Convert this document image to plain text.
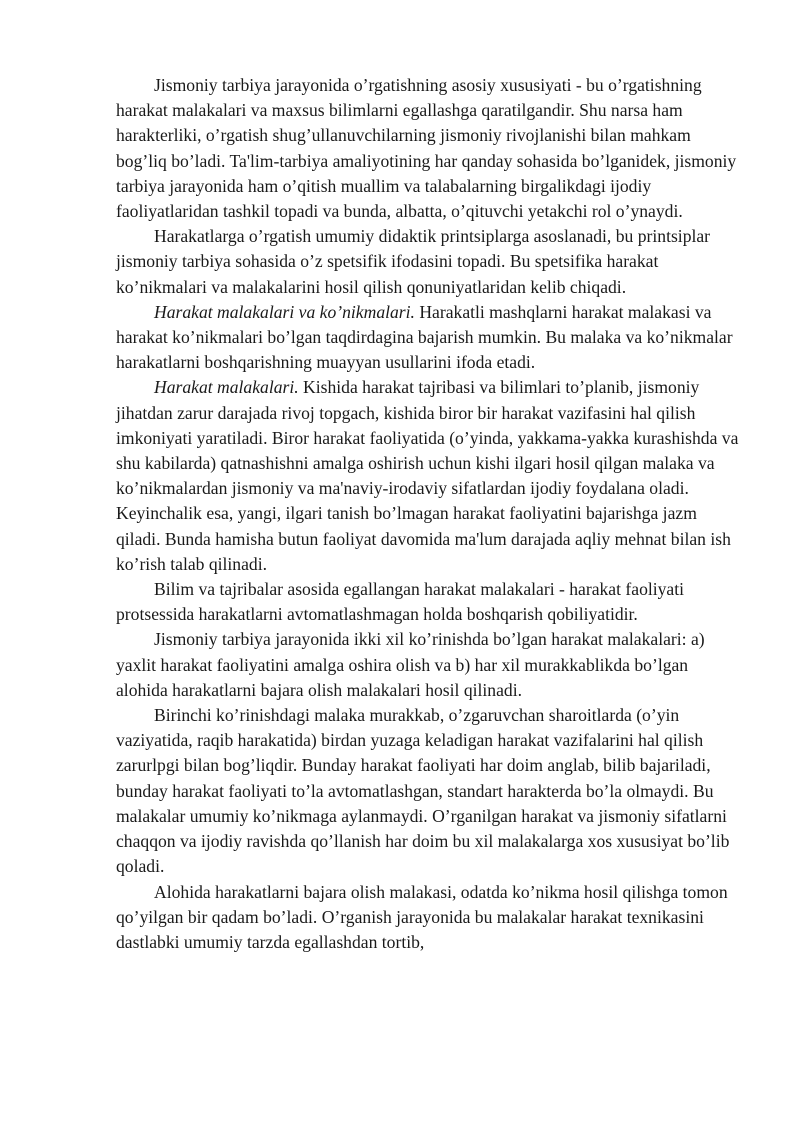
Jismoniy tarbiya jarayonida o’rgatishning asosiy xususiyati - bu o’rgatishning harakat malakalari va maxsus bilimlarni egallashga qaratilgandir. Shu narsa ham harakterliki, o’rgatish shug’ullanuvchilarning jismoniy rivojlanishi bilan mahkam bog’liq bo’ladi. Ta'lim-tarbiya amaliyotining har qanday sohasida bo’lganidek, jismoniy tarbiya jarayonida ham o’qitish muallim va talabalarning birgalikdagi ijodiy faoliyatlaridan tashkil topadi va bunda, albatta, o’qituvchi yetakchi rol o’ynaydi.

Harakatlarga o’rgatish umumiy didaktik printsiplarga asoslanadi, bu printsiplar jismoniy tarbiya sohasida o’z spetsifik ifodasini topadi. Bu spetsifika harakat ko’nikmalari va malakalarini hosil qilish qonuniyatlaridan kelib chiqadi.

Harakat malakalari va ko’nikmalari. Harakatli mashqlarni harakat malakasi va harakat ko’nikmalari bo’lgan taqdirdagina bajarish mumkin. Bu malaka va ko’nikmalar harakatlarni boshqarishning muayyan usullarini ifoda etadi.

Harakat malakalari. Kishida harakat tajribasi va bilimlari to’planib, jismoniy jihatdan zarur darajada rivoj topgach, kishida biror bir harakat vazifasini hal qilish imkoniyati yaratiladi. Biror harakat faoliyatida (o’yinda, yakkama-yakka kurashishda va shu kabilarda) qatnashishni amalga oshirish uchun kishi ilgari hosil qilgan malaka va ko’nikmalardan jismoniy va ma'naviy-irodaviy sifatlardan ijodiy foydalana oladi. Keyinchalik esa, yangi, ilgari tanish bo’lmagan harakat faoliyatini bajarishga jazm qiladi. Bunda hamisha butun faoliyat davomida ma'lum darajada aqliy mehnat bilan ish ko’rish talab qilinadi.

Bilim va tajribalar asosida egallangan harakat malakalari - harakat faoliyati protsessida harakatlarni avtomatlashmagan holda boshqarish qobiliyatidir.

Jismoniy tarbiya jarayonida ikki xil ko’rinishda bo’lgan harakat malakalari: a) yaxlit harakat faoliyatini amalga oshira olish va b) har xil murakkablikda bo’lgan alohida harakatlarni bajara olish malakalari hosil qilinadi.

Birinchi ko’rinishdagi malaka murakkab, o’zgaruvchan sharoitlarda (o’yin vaziyatida, raqib harakatida) birdan yuzaga keladigan harakat vazifalarini hal qilish zarurlpgi bilan bog’liqdir. Bunday harakat faoliyati har doim anglab, bilib bajariladi, bunday harakat faoliyati to’la avtomatlashgan, standart harakterda bo’la olmaydi. Bu malakalar umumiy ko’nikmaga aylanmaydi. O’rganilgan harakat va jismoniy sifatlarni chaqqon va ijodiy ravishda qo’llanish har doim bu xil malakalarga xos xususiyat bo’lib qoladi.

Alohida harakatlarni bajara olish malakasi, odatda ko’nikma hosil qilishga tomon qo’yilgan bir qadam bo’ladi. O’rganish jarayonida bu malakalar harakat texnikasini dastlabki umumiy tarzda egallashdan tortib,
